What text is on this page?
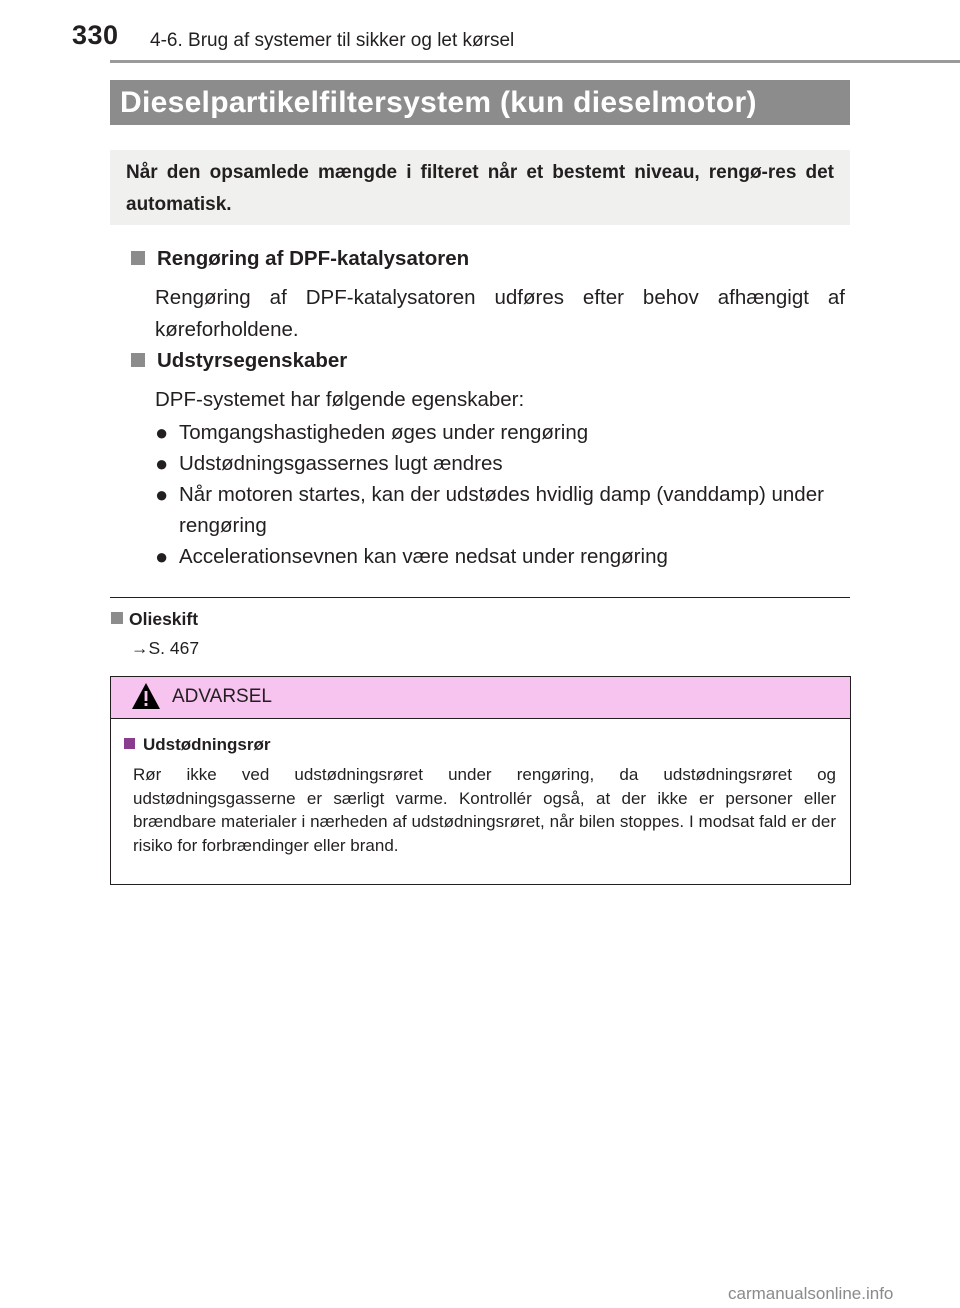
330 4-6. Brug af systemer til sikker og let kørsel
Dieselpartikelfiltersystem (kun dieselmotor)
Når den opsamlede mængde i filteret når et bestemt niveau, rengø-res det automatisk.
Rengøring af DPF-katalysatoren
Rengøring af DPF-katalysatoren udføres efter behov afhængigt af køreforholdene.
Udstyrsegenskaber
DPF-systemet har følgende egenskaber:
● Tomgangshastigheden øges under rengøring
● Udstødningsgassernes lugt ændres
● Når motoren startes, kan der udstødes hvidlig damp (vanddamp) under rengøring
● Accelerationsevnen kan være nedsat under rengøring
Olieskift
→S. 467
ADVARSEL
Udstødningsrør
Rør ikke ved udstødningsrøret under rengøring, da udstødningsrøret og udstødningsgasserne er særligt varme. Kontrollér også, at der ikke er personer eller brændbare materialer i nærheden af udstødningsrøret, når bilen stoppes. I modsat fald er der risiko for forbrændinger eller brand.
carmanualsonline.info
